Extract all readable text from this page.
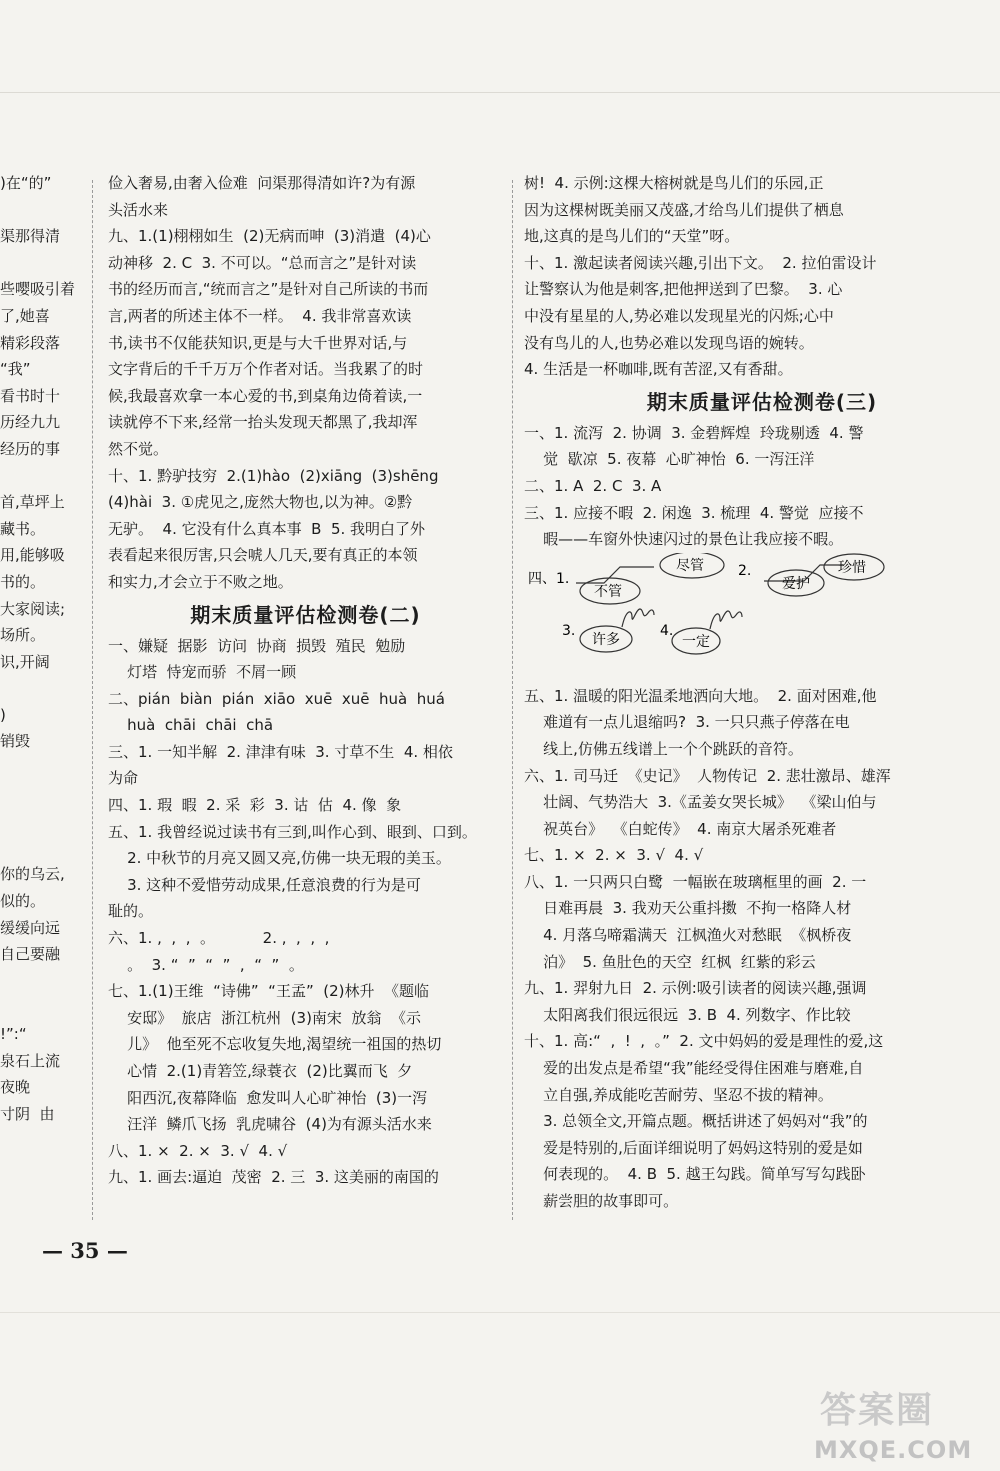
)在“的”

渠那得清

些嘤吸引着
了,她喜
精彩段落
“我”
看书时十
历经九九
经历的事

首,草坪上
藏书。
用,能够吸
书的。
大家阅读;
场所。
识,开阔

)
销毁

你的乌云,
似的。
缓缓向远
自己要融

!”:“
泉石上流
夜晚
寸阴  由
俭入奢易,由奢入俭难  问渠那得清如许?为有源
头活水来
九、1.(1)栩栩如生  (2)无病而呻  (3)消遣  (4)心
动神移  2. C  3. 不可以。“总而言之”是针对读
书的经历而言,“统而言之”是针对自己所读的书而
言,两者的所述主体不一样。  4. 我非常喜欢读
书,读书不仅能获知识,更是与大千世界对话,与
文字背后的千千万万个作者对话。当我累了的时
候,我最喜欢拿一本心爱的书,到桌角边倚着读,一
读就停不下来,经常一抬头发现天都黑了,我却浑
然不觉。
十、1. 黔驴技穷  2.(1)hào  (2)xiāng  (3)shēng
(4)hài  3. ①虎见之,庞然大物也,以为神。②黔
无驴。  4. 它没有什么真本事  B  5. 我明白了外
表看起来很厉害,只会唬人几天,要有真正的本领
和实力,才会立于不败之地。
期末质量评估检测卷(二)
一、嫌疑  据影  访问  协商  损毁  殖民  勉励
灯塔  恃宠而骄  不屑一顾
二、pián  biàn  pián  xiāo  xuē  xuē  huà  huá
huà  chāi  chāi  chā
三、1. 一知半解  2. 津津有味  3. 寸草不生  4. 相依
为命
四、1. 瑕  暇  2. 采  彩  3. 诂  估  4. 像  象
五、1. 我曾经说过读书有三到,叫作心到、眼到、口到。
2. 中秋节的月亮又圆又亮,仿佛一块无瑕的美玉。
3. 这种不爱惜劳动成果,任意浪费的行为是可
耻的。
六、1. ,  ,  ,  。          2. ,  ,  ,  ,
。  3. “  ”  “  ”  ,  “  ”  。
七、1.(1)王维  “诗佛”  “王孟”  (2)林升  《题临
安邸》  旅店  浙江杭州  (3)南宋  放翁  《示
儿》  他至死不忘收复失地,渴望统一祖国的热切
心情  2.(1)青箬笠,绿蓑衣  (2)比翼而飞  夕
阳西沉,夜幕降临  愈发叫人心旷神怡  (3)一泻
汪洋  鳞爪飞扬  乳虎啸谷  (4)为有源头活水来
八、1. ×  2. ×  3. √  4. √
九、1. 画去:逼迫  茂密  2. 三  3. 这美丽的南国的
树!  4. 示例:这棵大榕树就是鸟儿们的乐园,正
因为这棵树既美丽又茂盛,才给鸟儿们提供了栖息
地,这真的是鸟儿们的“天堂”呀。
十、1. 激起读者阅读兴趣,引出下文。  2. 拉伯雷设计
让警察认为他是刺客,把他押送到了巴黎。  3. 心
中没有星星的人,势必难以发现星光的闪烁;心中
没有鸟儿的人,也势必难以发现鸟语的婉转。
4. 生活是一杯咖啡,既有苦涩,又有香甜。
期末质量评估检测卷(三)
一、1. 流泻  2. 协调  3. 金碧辉煌  玲珑剔透  4. 警
觉  歇凉  5. 夜幕  心旷神怡  6. 一泻汪洋
二、1. A  2. C  3. A
三、1. 应接不暇  2. 闲逸  3. 梳理  4. 警觉  应接不
暇——车窗外快速闪过的景色让我应接不暇。
四、1.
尽管
不管
2.	珍惜
爱护
3.
许多
4.
一定
五、1. 温暖的阳光温柔地洒向大地。  2. 面对困难,他
难道有一点儿退缩吗?  3. 一只只燕子停落在电
线上,仿佛五线谱上一个个跳跃的音符。
六、1. 司马迁  《史记》  人物传记  2. 悲壮激昂、雄浑
壮阔、气势浩大  3.《孟姜女哭长城》  《梁山伯与
祝英台》  《白蛇传》  4. 南京大屠杀死难者
七、1. ×  2. ×  3. √  4. √
八、1. 一只两只白鹭  一幅嵌在玻璃框里的画  2. 一
日难再晨  3. 我劝天公重抖擞  不拘一格降人材
4. 月落乌啼霜满天  江枫渔火对愁眠  《枫桥夜
泊》  5. 鱼肚色的天空  红枫  红紫的彩云
九、1. 羿射九日  2. 示例:吸引读者的阅读兴趣,强调
太阳离我们很远很远  3. B  4. 列数字、作比较
十、1. 高:“  ,  !  ,  。”  2. 文中妈妈的爱是理性的爱,这
爱的出发点是希望“我”能经受得住困难与磨难,自
立自强,养成能吃苦耐劳、坚忍不拔的精神。
3. 总领全文,开篇点题。概括讲述了妈妈对“我”的
爱是特别的,后面详细说明了妈妈这特别的爱是如
何表现的。  4. B  5. 越王勾践。简单写写勾践卧
薪尝胆的故事即可。
— 35 —
答案圈
MXQE.COM
